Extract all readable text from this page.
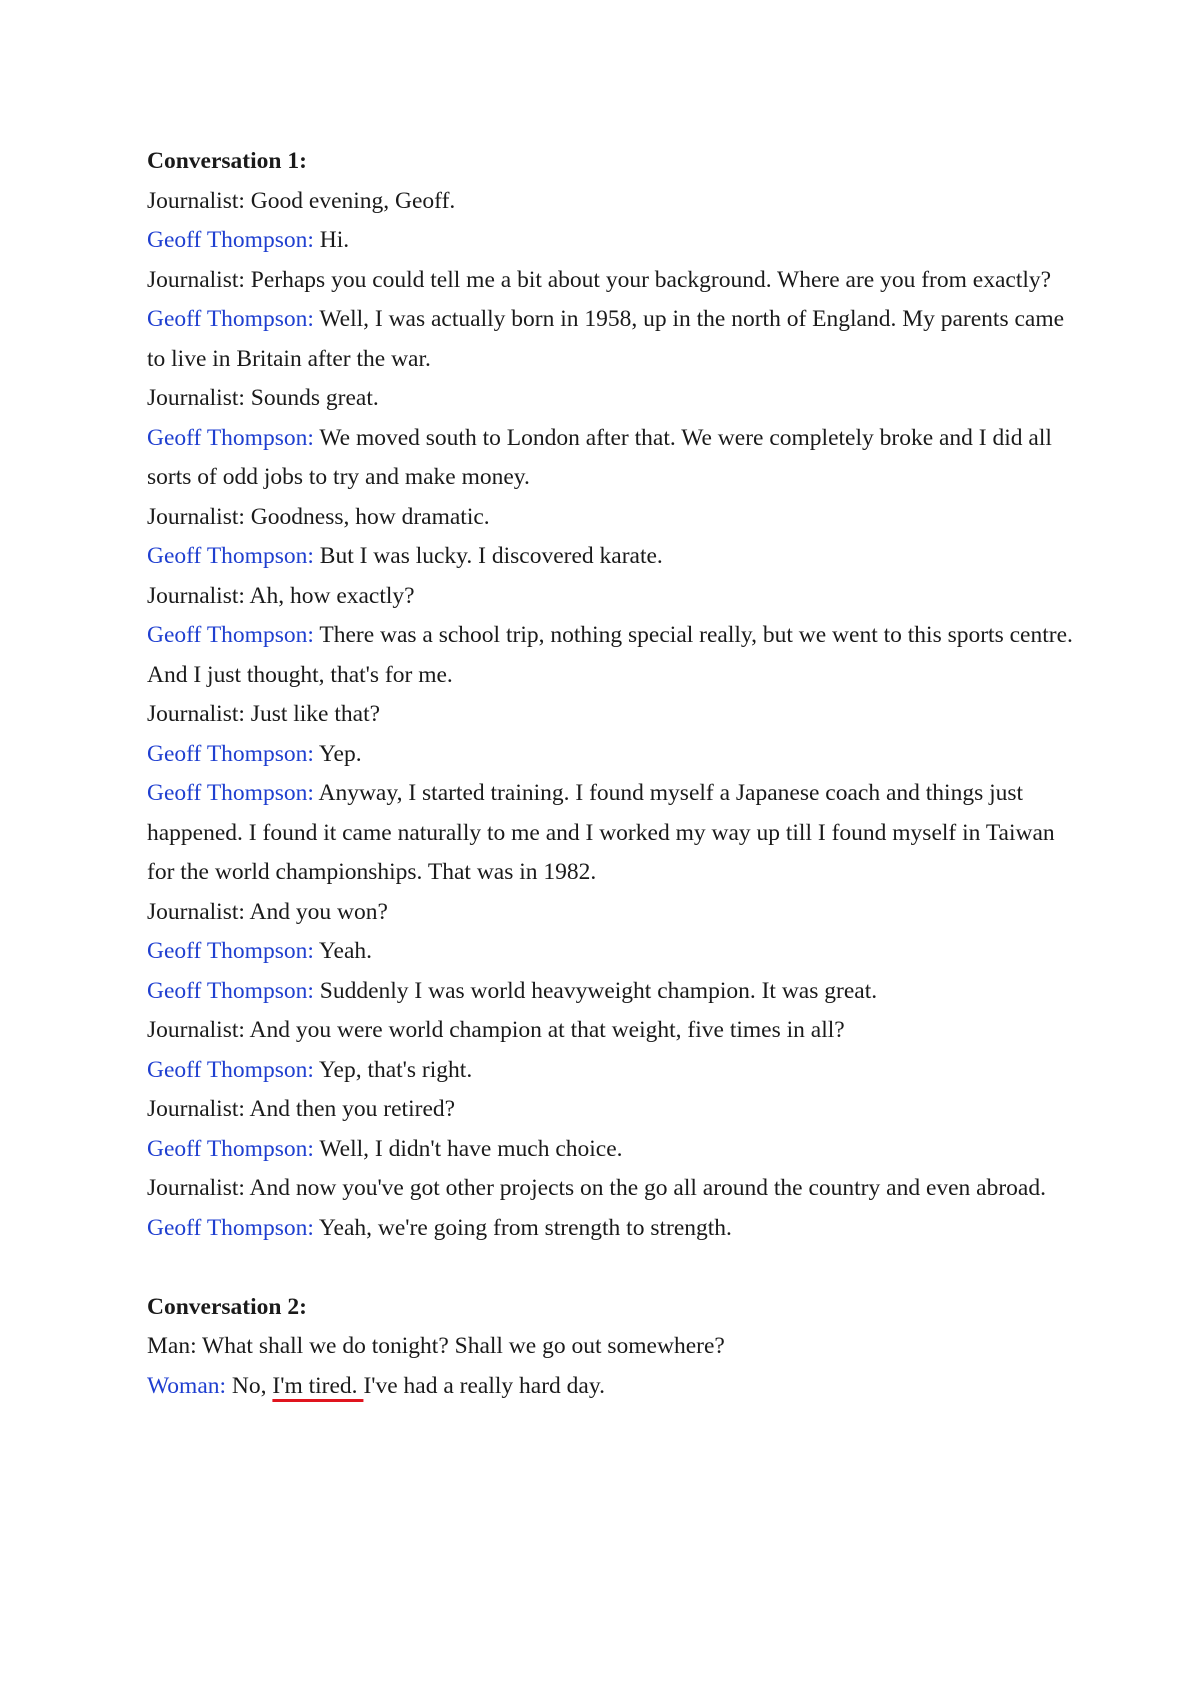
Conversation 1:

Journalist: Good evening, Geoff.

Geoff Thompson: Hi.

Journalist: Perhaps you could tell me a bit about your background. Where are you from exactly?

Geoff Thompson: Well, I was actually born in 1958, up in the north of England. My parents came to live in Britain after the war.

Journalist: Sounds great.

Geoff Thompson: We moved south to London after that. We were completely broke and I did all sorts of odd jobs to try and make money.

Journalist: Goodness, how dramatic.

Geoff Thompson: But I was lucky. I discovered karate.

Journalist: Ah, how exactly?

Geoff Thompson: There was a school trip, nothing special really, but we went to this sports centre. And I just thought, that's for me.

Journalist: Just like that?

Geoff Thompson: Yep.

Geoff Thompson: Anyway, I started training. I found myself a Japanese coach and things just happened. I found it came naturally to me and I worked my way up till I found myself in Taiwan for the world championships. That was in 1982.

Journalist: And you won?

Geoff Thompson: Yeah.

Geoff Thompson: Suddenly I was world heavyweight champion. It was great.

Journalist: And you were world champion at that weight, five times in all?

Geoff Thompson: Yep, that's right.

Journalist: And then you retired?

Geoff Thompson: Well, I didn't have much choice.

Journalist: And now you've got other projects on the go all around the country and even abroad.

Geoff Thompson: Yeah, we're going from strength to strength.

Conversation 2:

Man: What shall we do tonight? Shall we go out somewhere?

Woman: No, I'm tired. I've had a really hard day.
